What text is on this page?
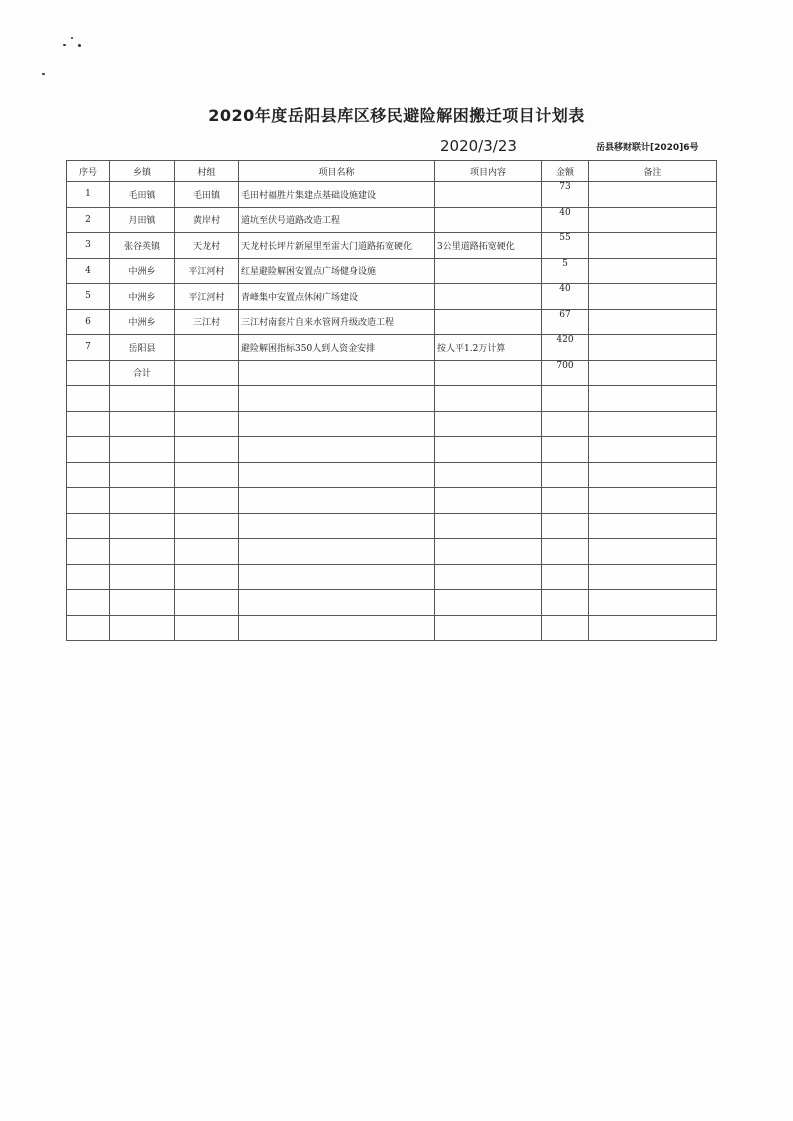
2020年度岳阳县库区移民避险解困搬迁项目计划表
2020/3/23	岳县移财联计[2020]6号
序号	乡镇	村组	项目名称	项目内容	金额	备注
1	毛田镇	毛田镇	毛田村福胜片集建点基础设施建设		73	
2	月田镇	黄岸村	道坑至伏号道路改造工程		40	
3	张谷英镇	天龙村	天龙村长坪片新屋里至雷大门道路拓宽硬化	3公里道路拓宽硬化	55	
4	中洲乡	平江河村	红星避险解困安置点广场健身设施		5	
5	中洲乡	平江河村	青峰集中安置点休闲广场建设		40	
6	中洲乡	三江村	三江村南套片自来水管网升级改造工程		67	
7	岳阳县		避险解困指标350人到人资金安排	按人平1.2万计算	420	
	合计				700	
